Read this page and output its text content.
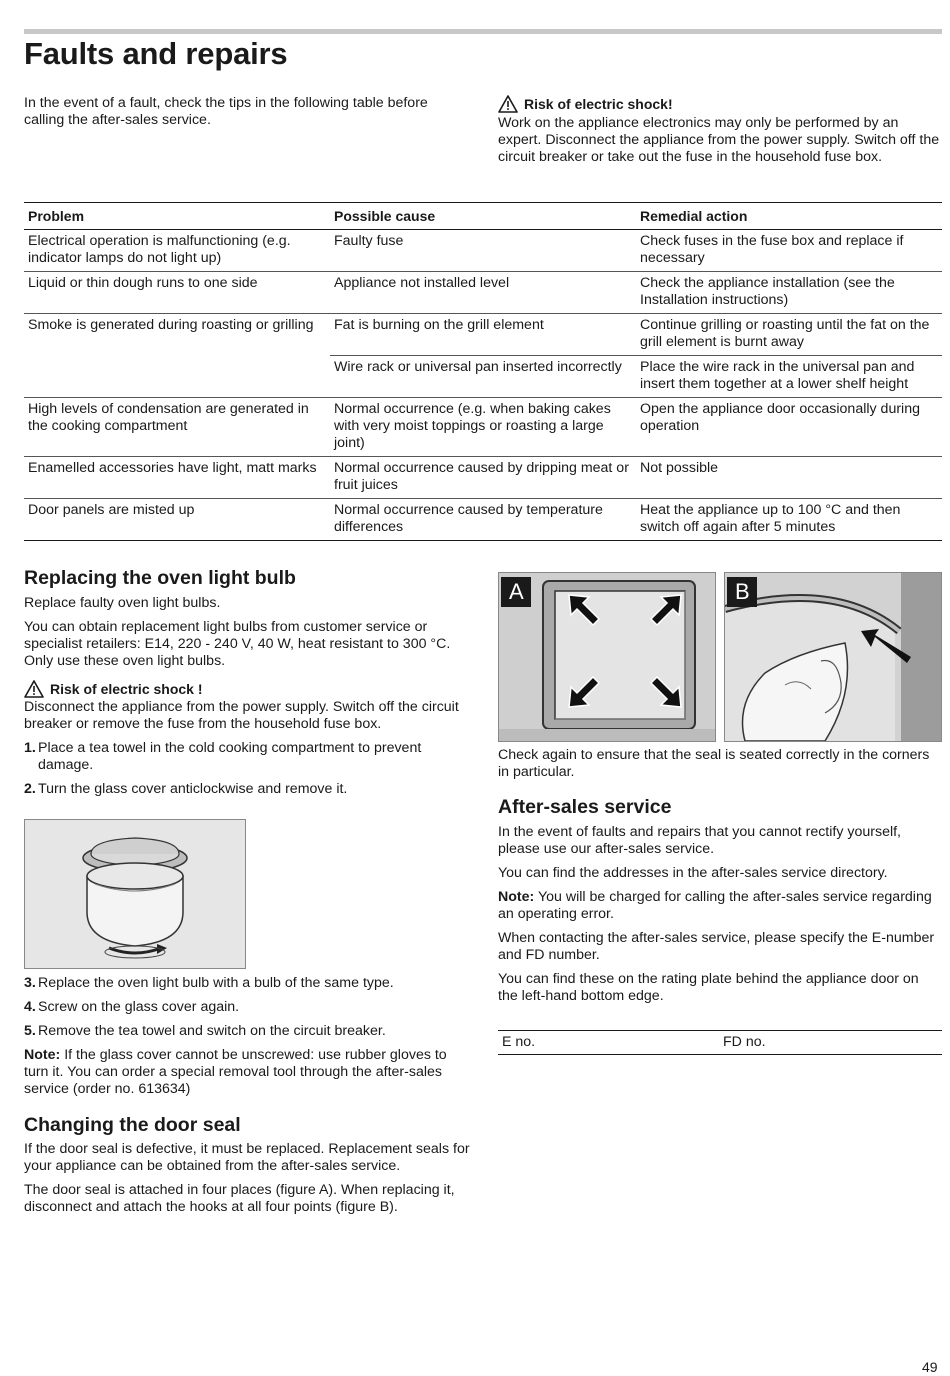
Faults and repairs
In the event of a fault, check the tips in the following table before calling the after-sales service.
Risk of electric shock!
Work on the appliance electronics may only be performed by an expert. Disconnect the appliance from the power supply. Switch off the circuit breaker or take out the fuse in the household fuse box.
Problem	Possible cause	Remedial action
Electrical operation is malfunctioning (e.g. indicator lamps do not light up)	Faulty fuse	Check fuses in the fuse box and replace if necessary
Liquid or thin dough runs to one side	Appliance not installed level	Check the appliance installation (see the Installation instructions)
Smoke is generated during roasting or grilling	Fat is burning on the grill element	Continue grilling or roasting until the fat on the grill element is burnt away
	Wire rack or universal pan inserted incorrectly	Place the wire rack in the universal pan and insert them together at a lower shelf height
High levels of condensation are generated in the cooking compartment	Normal occurrence (e.g. when baking cakes with very moist toppings or roasting a large joint)	Open the appliance door occasionally during operation
Enamelled accessories have light, matt marks	Normal occurrence caused by dripping meat or fruit juices	Not possible
Door panels are misted up	Normal occurrence caused by temperature differences	Heat the appliance up to 100 °C and then switch off again after 5 minutes
Replacing the oven light bulb

Replace faulty oven light bulbs.

You can obtain replacement light bulbs from customer service or specialist retailers: E14, 220 - 240 V, 40 W, heat resistant to 300 °C. Only use these oven light bulbs.

Risk of electric shock !

Disconnect the appliance from the power supply. Switch off the circuit breaker or remove the fuse from the household fuse box.

1. Place a tea towel in the cold cooking compartment to prevent damage.
2. Turn the glass cover anticlockwise and remove it.
3. Replace the oven light bulb with a bulb of the same type.
4. Screw on the glass cover again.
5. Remove the tea towel and switch on the circuit breaker.

Note: If the glass cover cannot be unscrewed: use rubber gloves to turn it. You can order a special removal tool through the after-sales service (order no. 613634)

Changing the door seal

If the door seal is defective, it must be replaced. Replacement seals for your appliance can be obtained from the after-sales service.

The door seal is attached in four places (figure A). When replacing it, disconnect and attach the hooks at all four points (figure B).

A	B

Check again to ensure that the seal is seated correctly in the corners in particular.

After-sales service

In the event of faults and repairs that you cannot rectify yourself, please use our after-sales service.

You can find the addresses in the after-sales service directory.

Note: You will be charged for calling the after-sales service regarding an operating error.

When contacting the after-sales service, please specify the E-number and FD number.

You can find these on the rating plate behind the appliance door on the left-hand bottom edge.

E no.	FD no.
49
